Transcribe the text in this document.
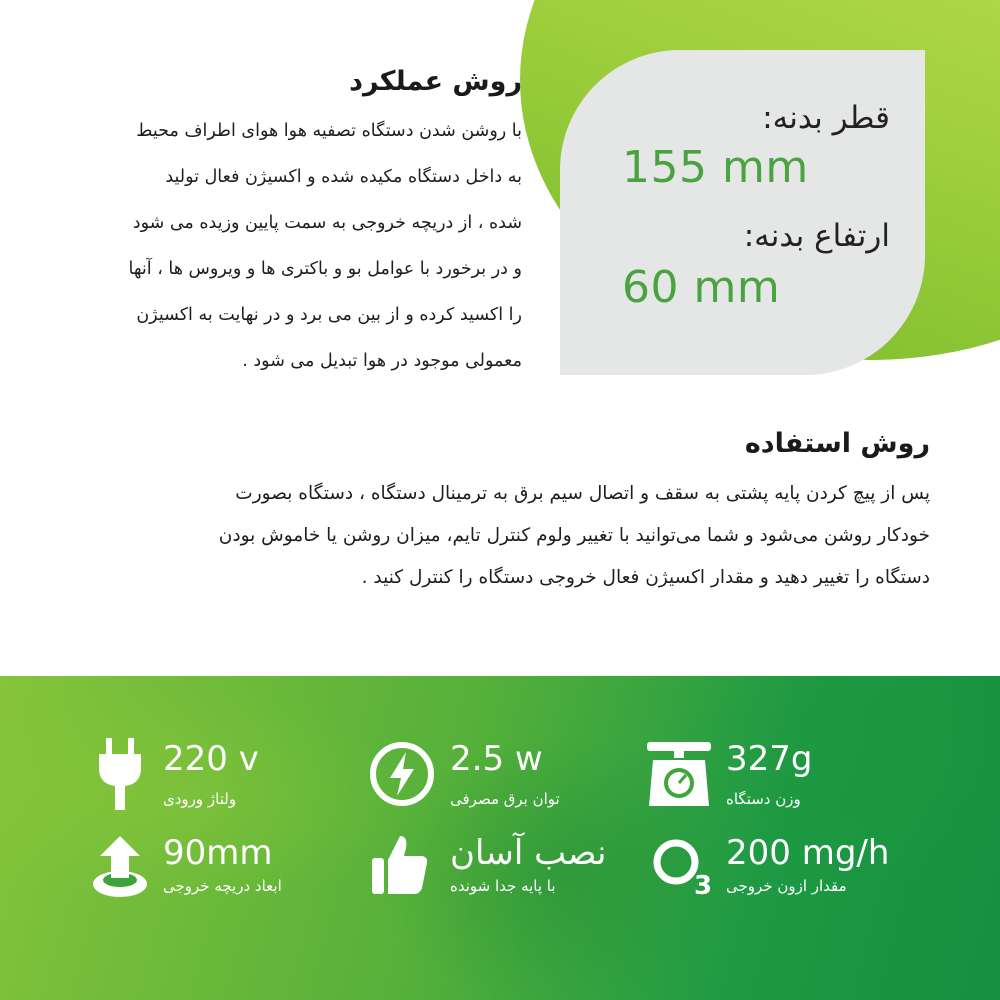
قطر بدنه:
155 mm
ارتفاع بدنه:
60 mm
روش عملکرد
با روشن شدن دستگاه تصفیه هوا هوای اطراف محیط
به داخل دستگاه مکیده شده و اکسیژن فعال تولید
شده ، از دریچه خروجی به سمت پایین وزیده می شود
و در برخورد با عوامل بو و باکتری ها و ویروس ها ، آنها
را اکسید کرده و از بین می برد و در نهایت به اکسیژن
معمولی موجود در هوا تبدیل می شود .
روش استفاده
پس از پیچ کردن پایه پشتی به سقف و اتصال سیم برق به ترمینال دستگاه ، دستگاه بصورت
خودکار روشن می‌شود و شما می‌توانید با تغییر ولوم کنترل تایم، میزان روشن یا خاموش بودن
دستگاه را تغییر دهید و مقدار اکسیژن فعال خروجی دستگاه را کنترل کنید .
220 v
ولتاژ ورودی
2.5 w
توان برق مصرفی
327g
وزن دستگاه
90mm
ابعاد دریچه خروجی
نصب آسان
با پایه جدا شونده	3
200 mg/h
مقدار ازون خروجی
